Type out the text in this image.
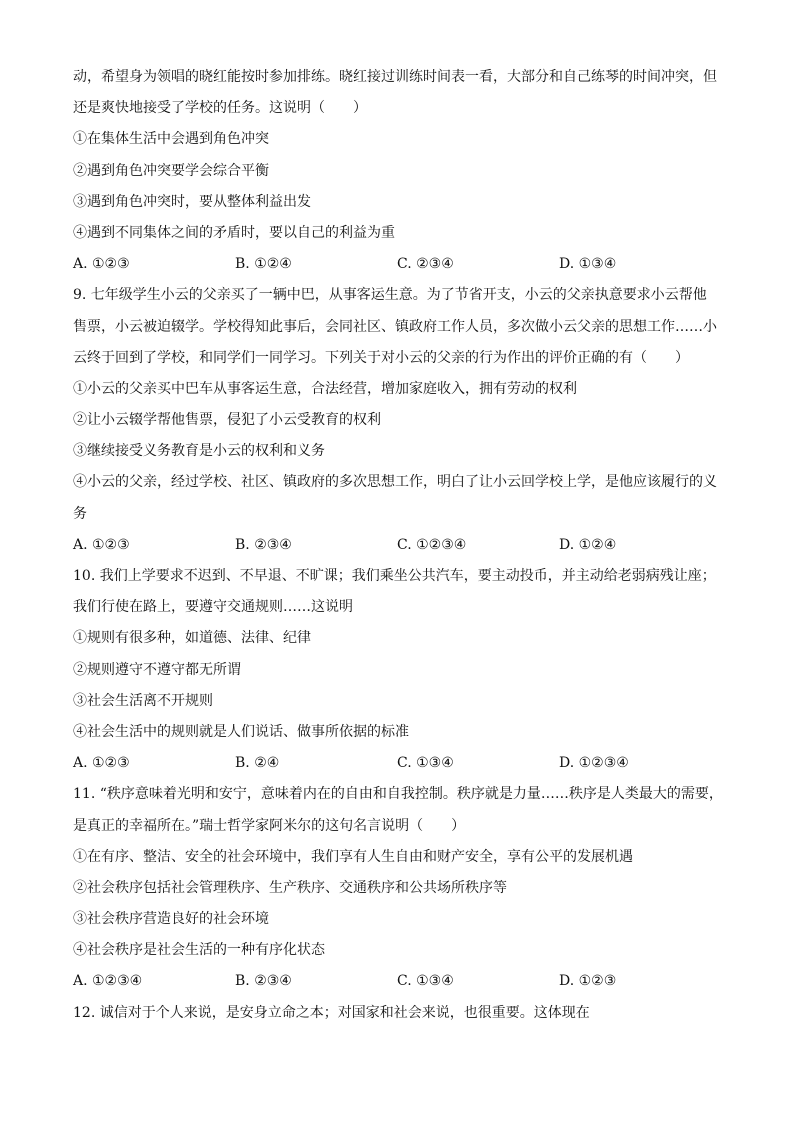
动，希望身为领唱的晓红能按时参加排练。晓红接过训练时间表一看，大部分和自己练琴的时间冲突，但
还是爽快地接受了学校的任务。这说明（　　）
①在集体生活中会遇到角色冲突
②遇到角色冲突要学会综合平衡
③遇到角色冲突时，要从整体利益出发
④遇到不同集体之间的矛盾时，要以自己的利益为重
A. ①②③	B. ①②④	C. ②③④	D. ①③④
9. 七年级学生小云的父亲买了一辆中巴，从事客运生意。为了节省开支，小云的父亲执意要求小云帮他
售票，小云被迫辍学。学校得知此事后，会同社区、镇政府工作人员，多次做小云父亲的思想工作……小
云终于回到了学校，和同学们一同学习。下列关于对小云的父亲的行为作出的评价正确的有（　　）
①小云的父亲买中巴车从事客运生意，合法经营，增加家庭收入，拥有劳动的权利
②让小云辍学帮他售票，侵犯了小云受教育的权利
③继续接受义务教育是小云的权利和义务
④小云的父亲，经过学校、社区、镇政府的多次思想工作，明白了让小云回学校上学，是他应该履行的义
务
A. ①②③	B. ②③④	C. ①②③④	D. ①②④
10. 我们上学要求不迟到、不早退、不旷课；我们乘坐公共汽车，要主动投币，并主动给老弱病残让座；
我们行使在路上，要遵守交通规则……这说明
①规则有很多种，如道德、法律、纪律
②规则遵守不遵守都无所谓
③社会生活离不开规则
④社会生活中的规则就是人们说话、做事所依据的标准
A. ①②③	B. ②④	C. ①③④	D. ①②③④
11. “秩序意味着光明和安宁，意味着内在的自由和自我控制。秩序就是力量……秩序是人类最大的需要，
是真正的幸福所在。”瑞士哲学家阿米尔的这句名言说明（　　）
①在有序、整洁、安全的社会环境中，我们享有人生自由和财产安全，享有公平的发展机遇
②社会秩序包括社会管理秩序、生产秩序、交通秩序和公共场所秩序等
③社会秩序营造良好的社会环境
④社会秩序是社会生活的一种有序化状态
A. ①②③④	B. ②③④	C. ①③④	D. ①②③
12. 诚信对于个人来说，是安身立命之本；对国家和社会来说，也很重要。这体现在
